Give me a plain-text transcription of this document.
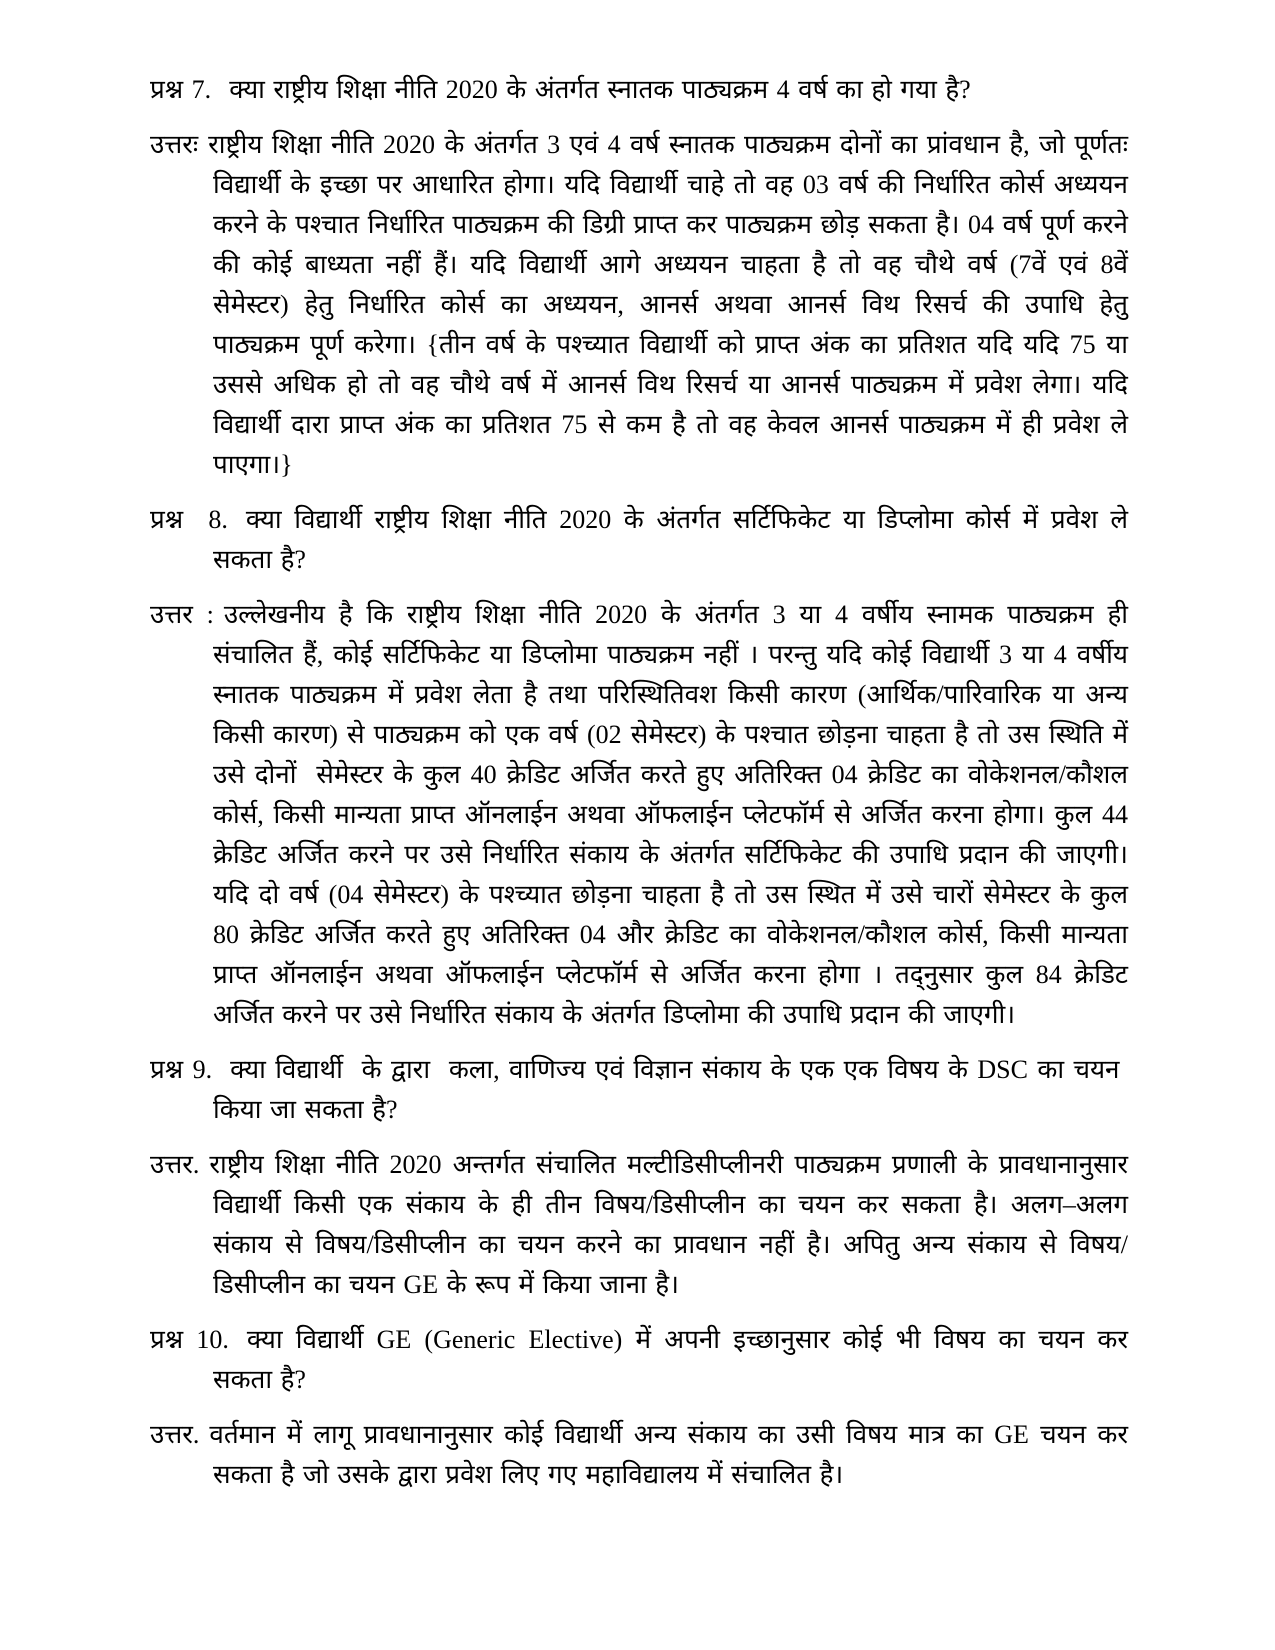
प्रश्न 7. क्या राष्ट्रीय शिक्षा नीति 2020 के अंतर्गत स्नातक पाठ्यक्रम 4 वर्ष का हो गया है?
उत्तरः राष्ट्रीय शिक्षा नीति 2020 के अंतर्गत 3 एवं 4 वर्ष स्नातक पाठ्यक्रम दोनों का प्रांवधान है, जो पूर्णतः विद्यार्थी के इच्छा पर आधारित होगा। यदि विद्यार्थी चाहे तो वह 03 वर्ष की निर्धारित कोर्स अध्ययन करने के पश्चात निर्धारित पाठ्यक्रम की डिग्री प्राप्त कर पाठ्यक्रम छोड़ सकता है। 04 वर्ष पूर्ण करने की कोई बाध्यता नहीं हैं। यदि विद्यार्थी आगे अध्ययन चाहता है तो वह चौथे वर्ष (7वें एवं 8वें सेमेस्टर) हेतु निर्धारित कोर्स का अध्ययन, आनर्स अथवा आनर्स विथ रिसर्च की उपाधि हेतु पाठ्यक्रम पूर्ण करेगा। {तीन वर्ष के पश्च्यात विद्यार्थी को प्राप्त अंक का प्रतिशत यदि यदि 75 या उससे अधिक हो तो वह चौथे वर्ष में आनर्स विथ रिसर्च या आनर्स पाठ्यक्रम में प्रवेश लेगा। यदि विद्यार्थी दारा प्राप्त अंक का प्रतिशत 75 से कम है तो वह केवल आनर्स पाठ्यक्रम में ही प्रवेश ले पाएगा।}
प्रश्न  8. क्या विद्यार्थी राष्ट्रीय शिक्षा नीति 2020 के अंतर्गत सर्टिफिकेट या डिप्लोमा कोर्स में प्रवेश ले सकता है?
उत्तर : उल्लेखनीय है कि राष्ट्रीय शिक्षा नीति 2020 के अंतर्गत 3 या 4 वर्षीय स्नामक पाठ्यक्रम ही संचालित हैं, कोई सर्टिफिकेट या डिप्लोमा पाठ्यक्रम नहीं । परन्तु यदि कोई विद्यार्थी 3 या 4 वर्षीय स्नातक पाठ्यक्रम में प्रवेश लेता है तथा परिस्थितिवश किसी कारण (आर्थिक/पारिवारिक या अन्य किसी कारण) से पाठ्यक्रम को एक वर्ष (02 सेमेस्टर) के पश्चात छोड़ना चाहता है तो उस स्थिति में उसे दोनों  सेमेस्टर के कुल 40 क्रेडिट अर्जित करते हुए अतिरिक्त 04 क्रेडिट का वोकेशनल/कौशल कोर्स, किसी मान्यता प्राप्त ऑनलाईन अथवा ऑफलाईन प्लेटफॉर्म से अर्जित करना होगा। कुल 44 क्रेडिट अर्जित करने पर उसे निर्धारित संकाय के अंतर्गत सर्टिफिकेट की उपाधि प्रदान की जाएगी। यदि दो वर्ष (04 सेमेस्टर) के पश्च्यात छोड़ना चाहता है तो उस स्थित में उसे चारों सेमेस्टर के कुल 80 क्रेडिट अर्जित करते हुए अतिरिक्त 04 और क्रेडिट का वोकेशनल/कौशल कोर्स, किसी मान्यता प्राप्त ऑनलाईन अथवा ऑफलाईन प्लेटफॉर्म से अर्जित करना होगा । तद्नुसार कुल 84 क्रेडिट अर्जित करने पर उसे निर्धारित संकाय के अंतर्गत डिप्लोमा की उपाधि प्रदान की जाएगी।
प्रश्न 9. क्या विद्यार्थी  के द्वारा  कला, वाणिज्य एवं विज्ञान संकाय के एक एक विषय के DSC का चयन  किया जा सकता है?
उत्तर. राष्ट्रीय शिक्षा नीति 2020 अन्तर्गत संचालित मल्टीडिसीप्लीनरी पाठ्यक्रम प्रणाली के प्रावधानानुसार विद्यार्थी किसी एक संकाय के ही तीन विषय/डिसीप्लीन का चयन कर सकता है। अलग–अलग संकाय से विषय/डिसीप्लीन का चयन करने का प्रावधान नहीं है। अपितु अन्य संकाय से विषय/डिसीप्लीन का चयन GE के रूप में किया जाना है।
प्रश्न 10. क्या विद्यार्थी GE (Generic Elective) में अपनी इच्छानुसार कोई भी विषय का चयन कर सकता है?
उत्तर. वर्तमान में लागू प्रावधानानुसार कोई विद्यार्थी अन्य संकाय का उसी विषय मात्र का GE चयन कर सकता है जो उसके द्वारा प्रवेश लिए गए महाविद्यालय में संचालित है।
